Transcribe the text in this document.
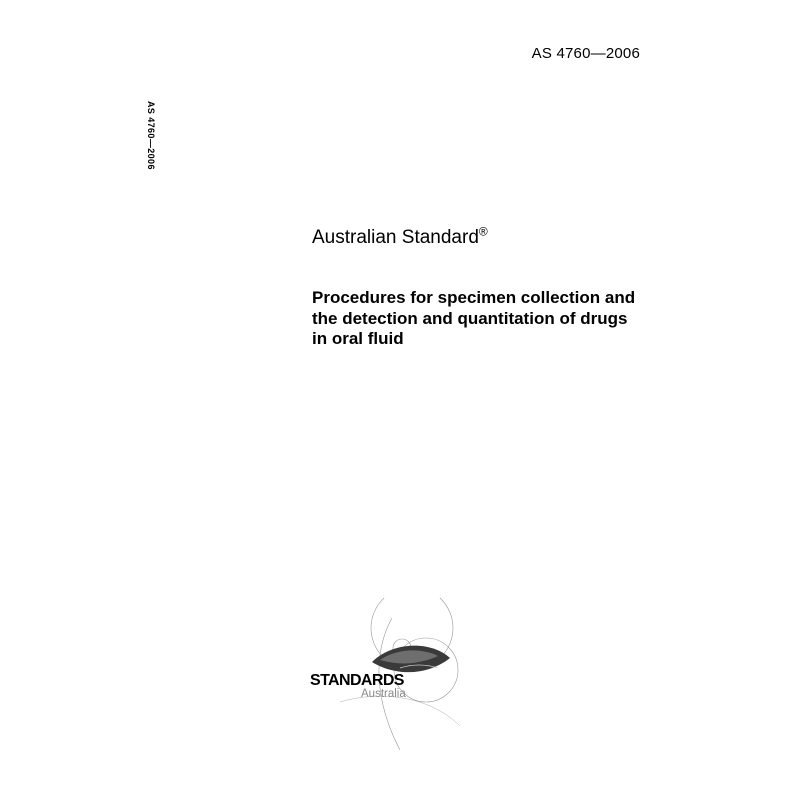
AS 4760—2006
AS 4760—2006
Australian Standard®
Procedures for specimen collection and
the detection and quantitation of drugs
in oral fluid
STANDARDS
Australia
